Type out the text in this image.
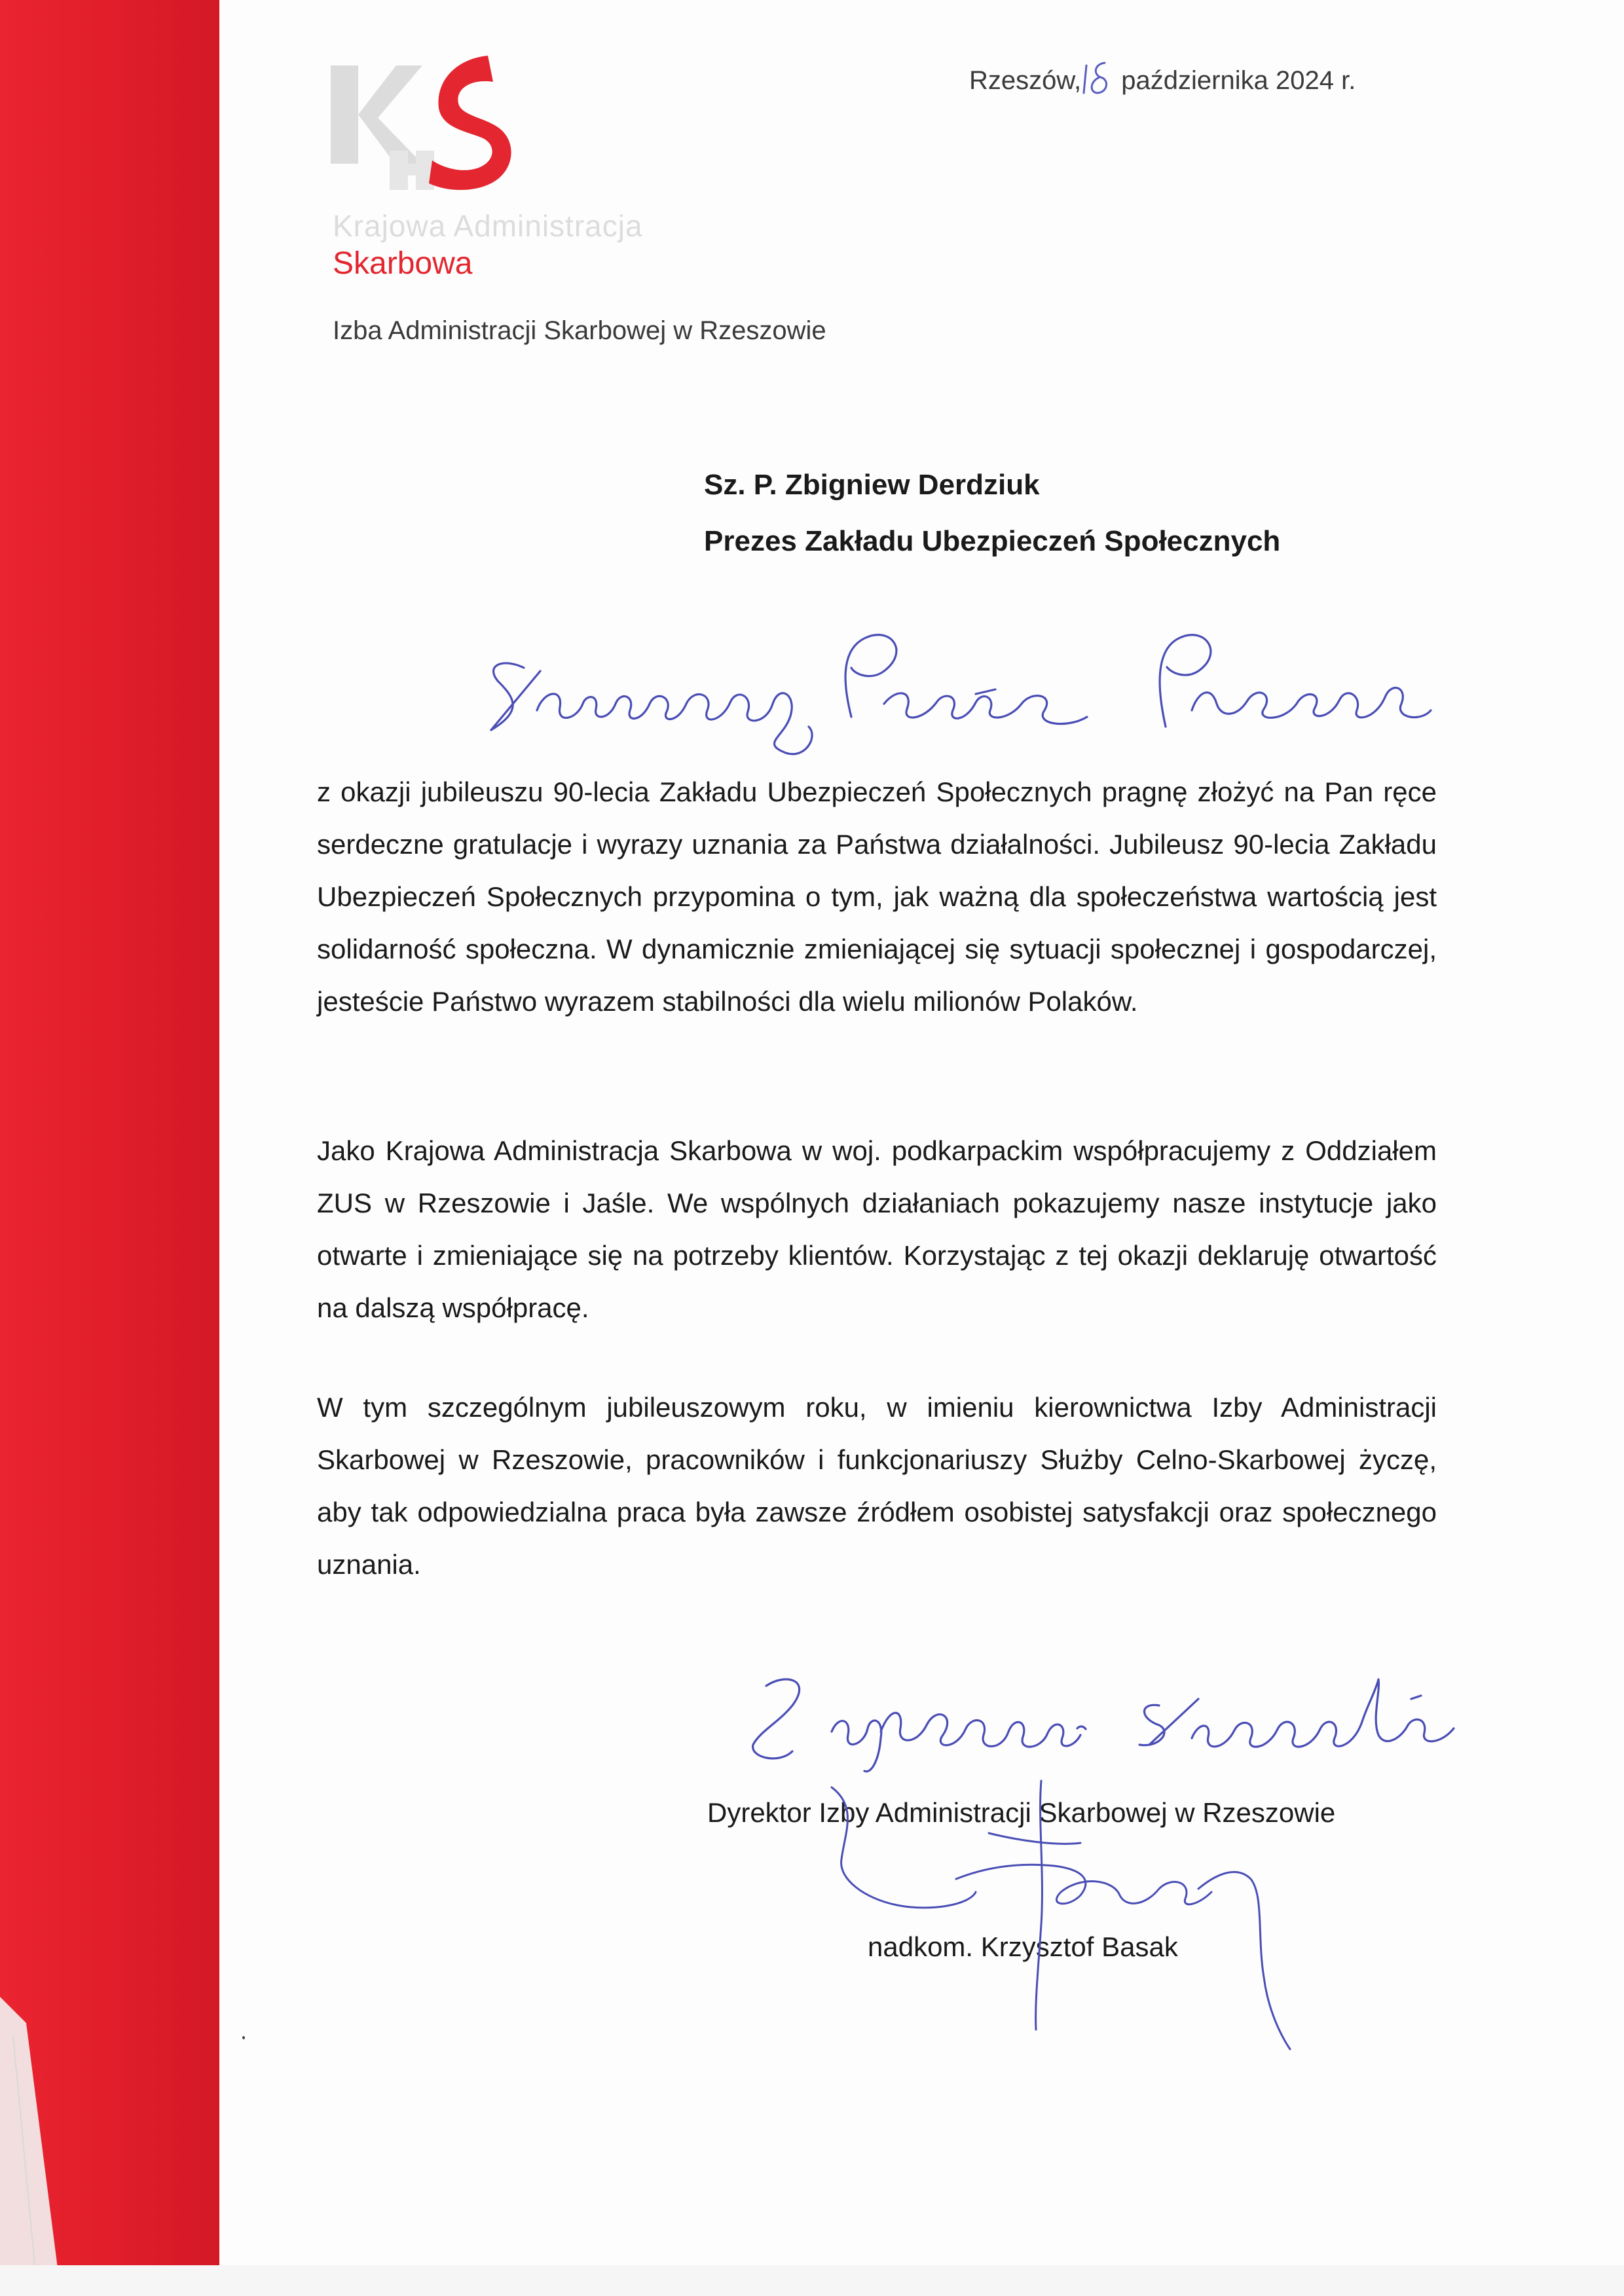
Krajowa Administracja
Skarbowa
Izba Administracji Skarbowej w Rzeszowie
Rzeszów, października 2024 r.
Sz. P. Zbigniew Derdziuk
Prezes Zakładu Ubezpieczeń Społecznych

z okazji jubileuszu 90-lecia Zakładu Ubezpieczeń Społecznych pragnę złożyć na Pan ręce serdeczne gratulacje i wyrazy uznania za Państwa działalności. Jubileusz 90-lecia Zakładu Ubezpieczeń Społecznych przypomina o tym, jak ważną dla społeczeństwa wartością jest solidarność społeczna. W dynamicznie zmieniającej się sytuacji społecznej i gospodarczej, jesteście Państwo wyrazem stabilności dla wielu milionów Polaków.

Jako Krajowa Administracja Skarbowa w woj. podkarpackim współpracujemy z Oddziałem ZUS w Rzeszowie i Jaśle. We wspólnych działaniach pokazujemy nasze instytucje jako otwarte i zmieniające się na potrzeby klientów. Korzystając z tej okazji deklaruję otwartość na dalszą współpracę.

W tym szczególnym jubileuszowym roku, w imieniu kierownictwa Izby Administracji Skarbowej w Rzeszowie, pracowników i funkcjonariuszy Służby Celno-Skarbowej życzę, aby tak odpowiedzialna praca była zawsze źródłem osobistej satysfakcji oraz społecznego uznania.

Dyrektor Izby Administracji Skarbowej w Rzeszowie
nadkom. Krzysztof Basak
